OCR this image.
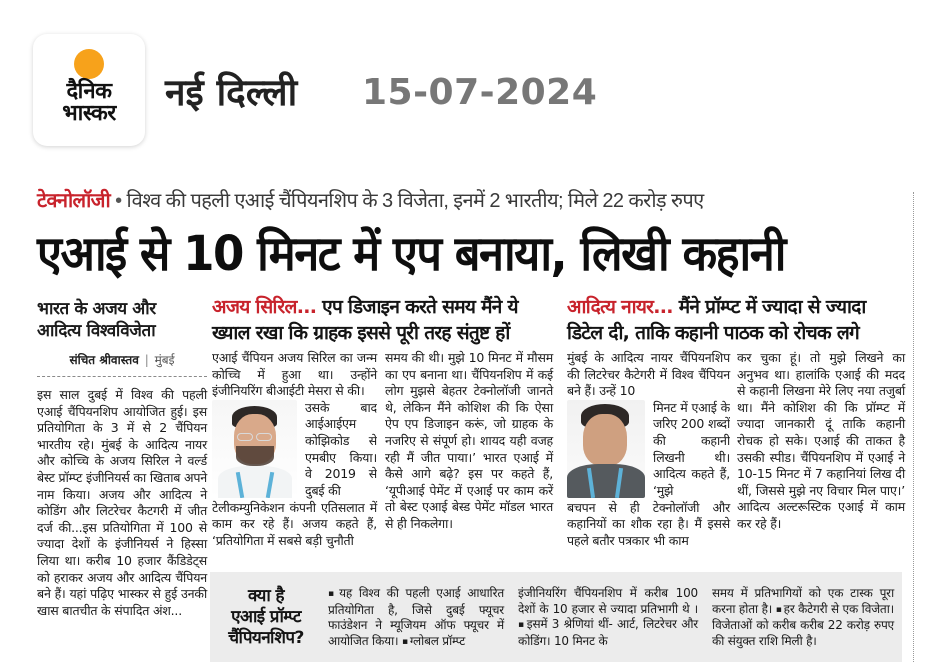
दैनिक
भास्कर नई दिल्ली 15-07-2024
टेक्नोलॉजी • विश्व की पहली एआई चैंपियनशिप के 3 विजेता, इनमें 2 भारतीय; मिले 22 करोड़ रुपए
एआई से 10 मिनट में एप बनाया, लिखी कहानी
भारत के अजय और
आदित्य विश्वविजेता
संचित श्रीवास्तव | मुंबई
इस साल दुबई में विश्व की पहली एआई चैंपियनशिप आयोजित हुई। इस प्रतियोगिता के 3 में से 2 चैंपियन भारतीय रहे। मुंबई के आदित्य नायर और कोच्चि के अजय सिरिल ने वर्ल्ड बेस्ट प्रॉम्प्ट इंजीनियर्स का खिताब अपने नाम किया। अजय और आदित्य ने कोडिंग और लिटरेचर कैटगरी में जीत दर्ज की...इस प्रतियोगिता में 100 से ज्यादा देशों के इंजीनियर्स ने हिस्सा लिया था। करीब 10 हजार कैंडिडेट्स को हराकर अजय और आदित्य चैंपियन बने हैं। यहां पढ़िए भास्कर से हुई उनकी खास बातचीत के संपादित अंश...
अजय सिरिल... एप डिजाइन करते समय मैंने ये
ख्याल रखा कि ग्राहक इससे पूरी तरह संतुष्ट हों
एआई चैंपियन अजय सिरिल का जन्म कोच्चि में हुआ था। उन्होंने इंजीनियरिंग बीआईटी मेसरा से की।
उसके बाद आईआईएम कोझिकोड से एमबीए किया। वे 2019 से दुबई की
टेलीकम्युनिकेशन कंपनी एतिसलात में काम कर रहे हैं। अजय कहते हैं, ‘प्रतियोगिता में सबसे बड़ी चुनौती
समय की थी। मुझे 10 मिनट में मौसम का एप बनाना था। चैंपियनशिप में कई लोग मुझसे बेहतर टेक्नोलॉजी जानते थे, लेकिन मैंने कोशिश की कि ऐसा ऐप एप डिजाइन करूं, जो ग्राहक के नजरिए से संपूर्ण हो। शायद यही वजह रही मैं जीत पाया।’ भारत एआई में कैसे आगे बढ़े? इस पर कहते हैं, ‘यूपीआई पेमेंट में एआई पर काम करें तो बेस्ट एआई बेस्ड पेमेंट मॉडल भारत से ही निकलेगा।
आदित्य नायर... मैंने प्रॉम्प्ट में ज्यादा से ज्यादा
डिटेल दी, ताकि कहानी पाठक को रोचक लगे
मुंबई के आदित्य नायर चैंपियनशिप की लिटरेचर कैटेगरी में विश्व चैंपियन बने हैं। उन्हें 10
मिनट में एआई के जरिए 200 शब्दों की कहानी लिखनी थी। आदित्य कहते हैं, ‘मुझे
बचपन से ही टेक्नोलॉजी और कहानियों का शौक रहा है। मैं इससे पहले बतौर पत्रकार भी काम
कर चुका हूं। तो मुझे लिखने का अनुभव था। हालांकि एआई की मदद से कहानी लिखना मेरे लिए नया तजुर्बा था। मैंने कोशिश की कि प्रॉम्प्ट में ज्यादा जानकारी दूं ताकि कहानी रोचक हो सके। एआई की ताकत है उसकी स्पीड। चैंपियनशिप में एआई ने 10-15 मिनट में 7 कहानियां लिख दी थीं, जिससे मुझे नए विचार मिल पाए।’ आदित्य अल्टरूस्टिक एआई में काम कर रहे हैं।
क्या है
एआई प्रॉम्प्ट
चैंपियनशिप?
▪ यह विश्व की पहली एआई आधारित प्रतियोगिता है, जिसे दुबई फ्यूचर फाउंडेशन ने म्यूजियम ऑफ फ्यूचर में आयोजित किया। ▪ ग्लोबल प्रॉम्प्ट
इंजीनियरिंग चैंपियनशिप में करीब 100 देशों के 10 हजार से ज्यादा प्रतिभागी थे । ▪ इसमें 3 श्रेणियां थीं- आर्ट, लिटरेचर और कोडिंग। 10 मिनट के
समय में प्रतिभागियों को एक टास्क पूरा करना होता है। ▪ हर कैटेगरी से एक विजेता। विजेताओं को करीब करीब 22 करोड़ रुपए की संयुक्त राशि मिली है।
